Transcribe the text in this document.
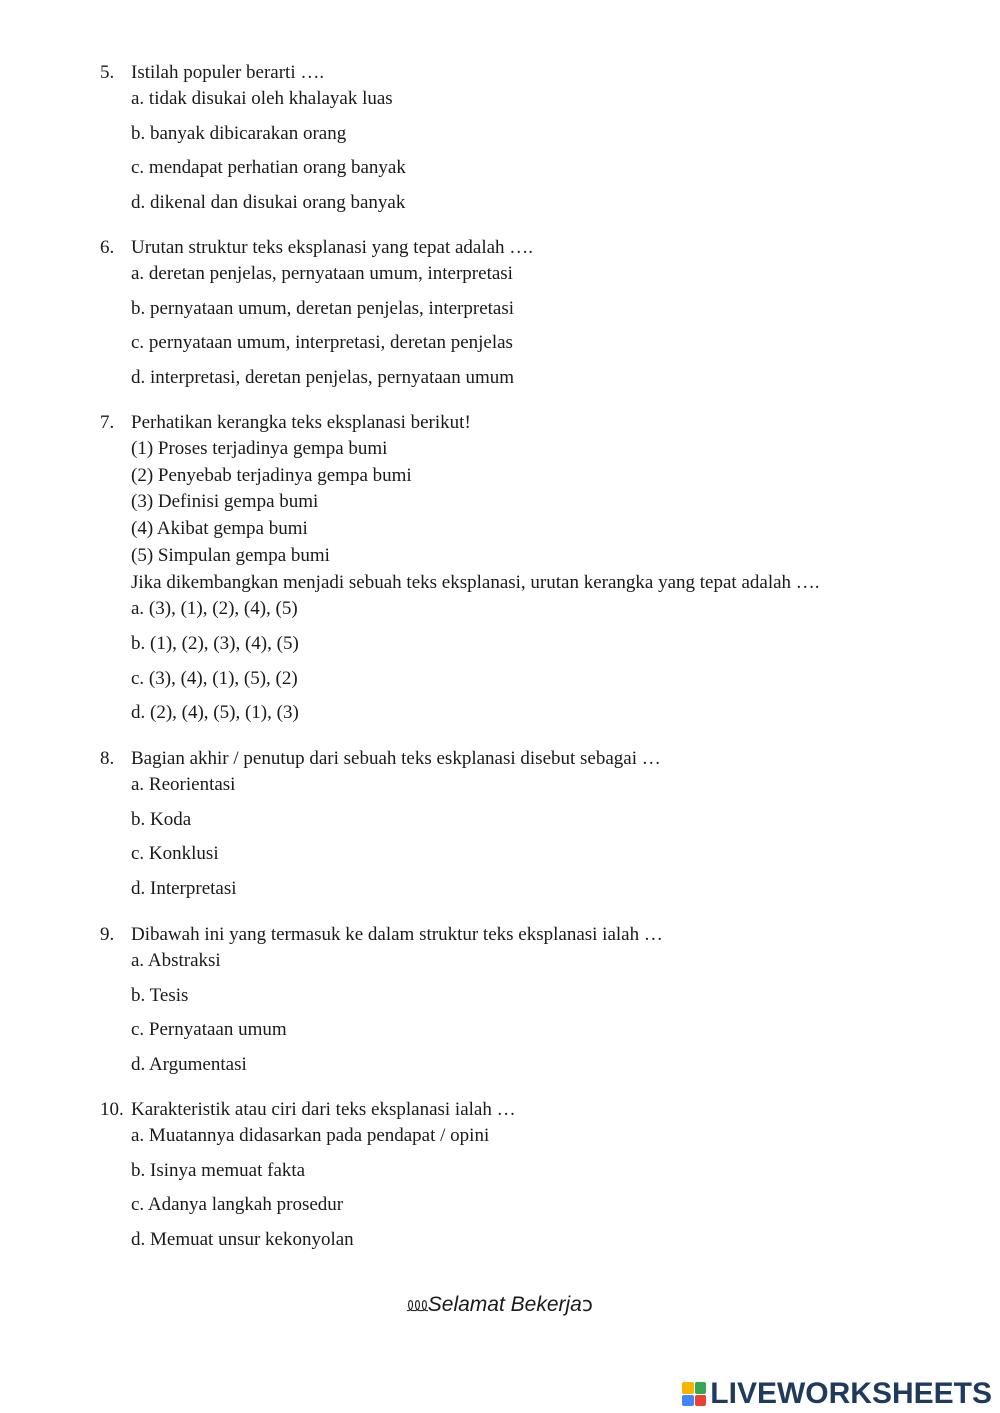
5. Istilah populer berarti ….
a. tidak disukai oleh khalayak luas
b. banyak dibicarakan orang
c. mendapat perhatian orang banyak
d. dikenal dan disukai orang banyak
6. Urutan struktur teks eksplanasi yang tepat adalah ….
a. deretan penjelas, pernyataan umum, interpretasi
b. pernyataan umum, deretan penjelas, interpretasi
c. pernyataan umum, interpretasi, deretan penjelas
d. interpretasi, deretan penjelas, pernyataan umum
7. Perhatikan kerangka teks eksplanasi berikut!
(1) Proses terjadinya gempa bumi
(2) Penyebab terjadinya gempa bumi
(3) Definisi gempa bumi
(4) Akibat gempa bumi
(5) Simpulan gempa bumi
Jika dikembangkan menjadi sebuah teks eksplanasi, urutan kerangka yang tepat adalah ….
a. (3), (1), (2), (4), (5)
b. (1), (2), (3), (4), (5)
c. (3), (4), (1), (5), (2)
d. (2), (4), (5), (1), (3)
8. Bagian akhir / penutup dari sebuah teks eskplanasi disebut sebagai …
a. Reorientasi
b. Koda
c. Konklusi
d. Interpretasi
9. Dibawah ini yang termasuk ke dalam struktur teks eksplanasi ialah …
a. Abstraksi
b. Tesis
c. Pernyataan umum
d. Argumentasi
10. Karakteristik atau ciri dari teks eksplanasi ialah …
a. Muatannya didasarkan pada pendapat / opini
b. Isinya memuat fakta
c. Adanya langkah prosedur
d. Memuat unsur kekonyolan
⅏Selamat Bekerjaↄ
LIVEWORKSHEETS
